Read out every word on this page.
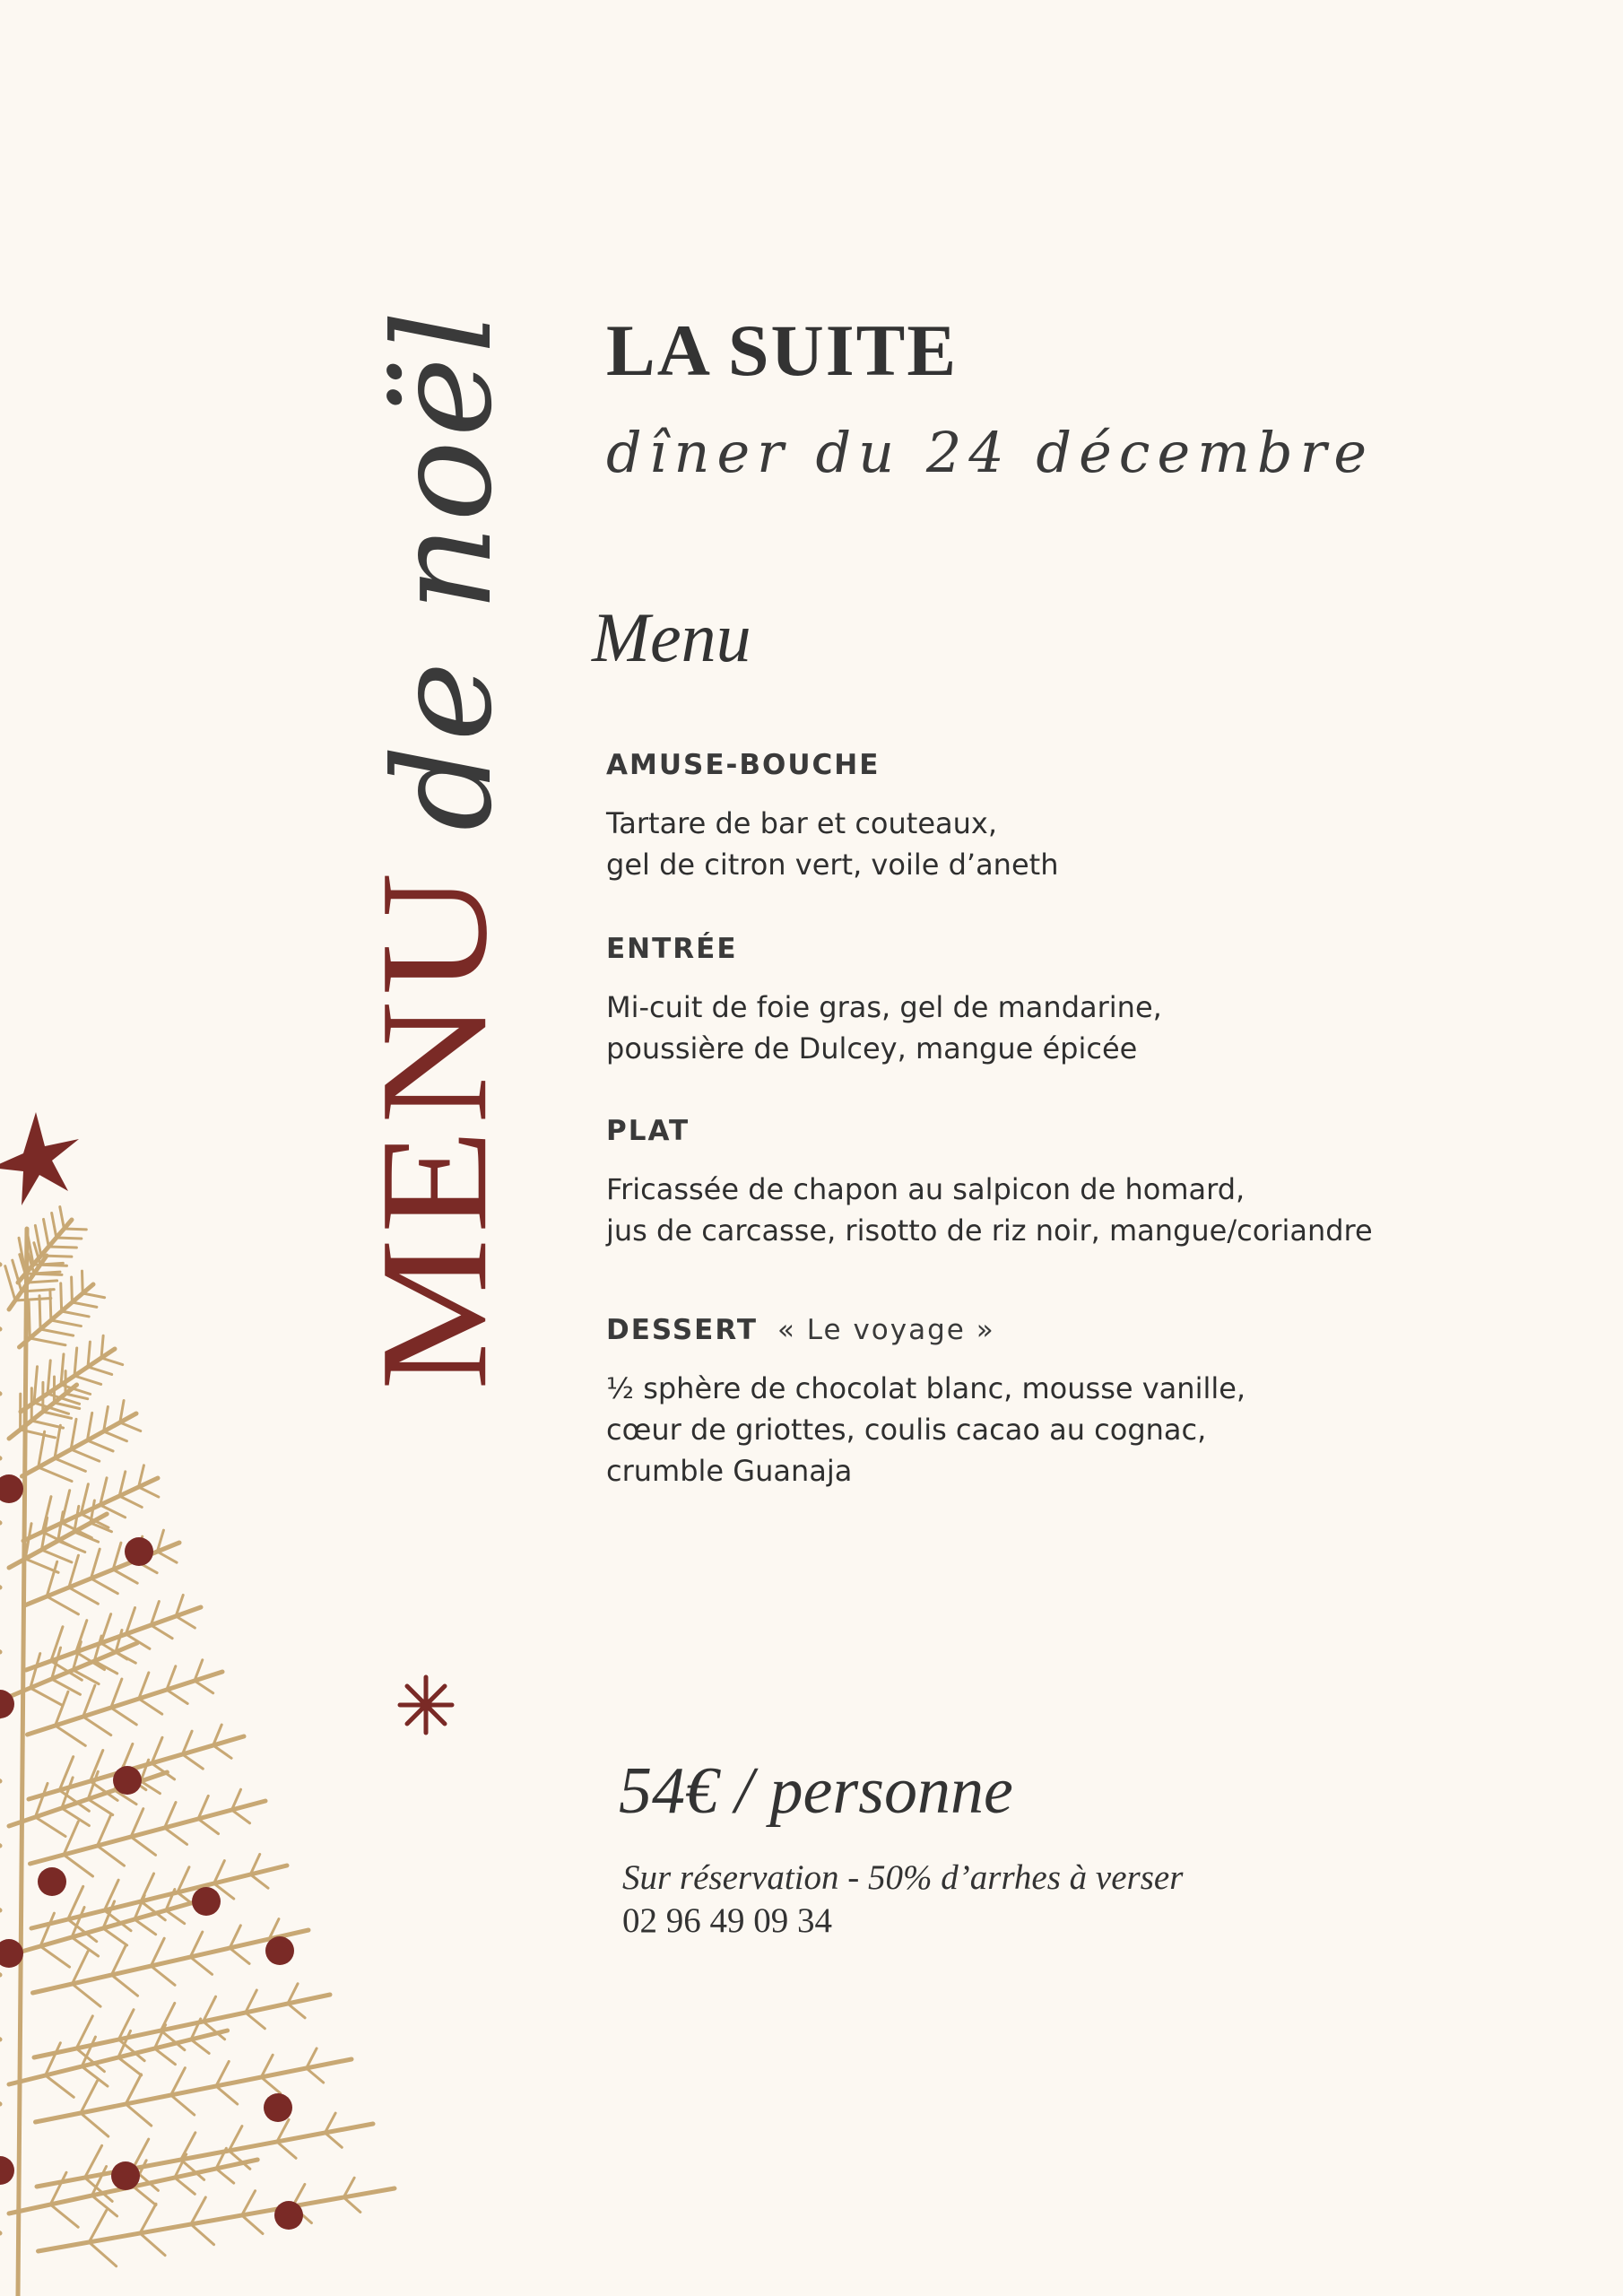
MENU
de noël LA SUITE
dîner du 24 décembre
Menu
AMUSE-BOUCHE
Tartare de bar et couteaux,
gel de citron vert, voile d’aneth
ENTRÉE
Mi-cuit de foie gras, gel de mandarine,
poussière de Dulcey, mangue épicée
PLAT
Fricassée de chapon au salpicon de homard,
jus de carcasse, risotto de riz noir, mangue/coriandre
DESSERT « Le voyage »
½ sphère de chocolat blanc, mousse vanille,
cœur de griottes, coulis cacao au cognac,
crumble Guanaja
54€ / personne
Sur réservation - 50% d’arrhes à verser
02 96 49 09 34
